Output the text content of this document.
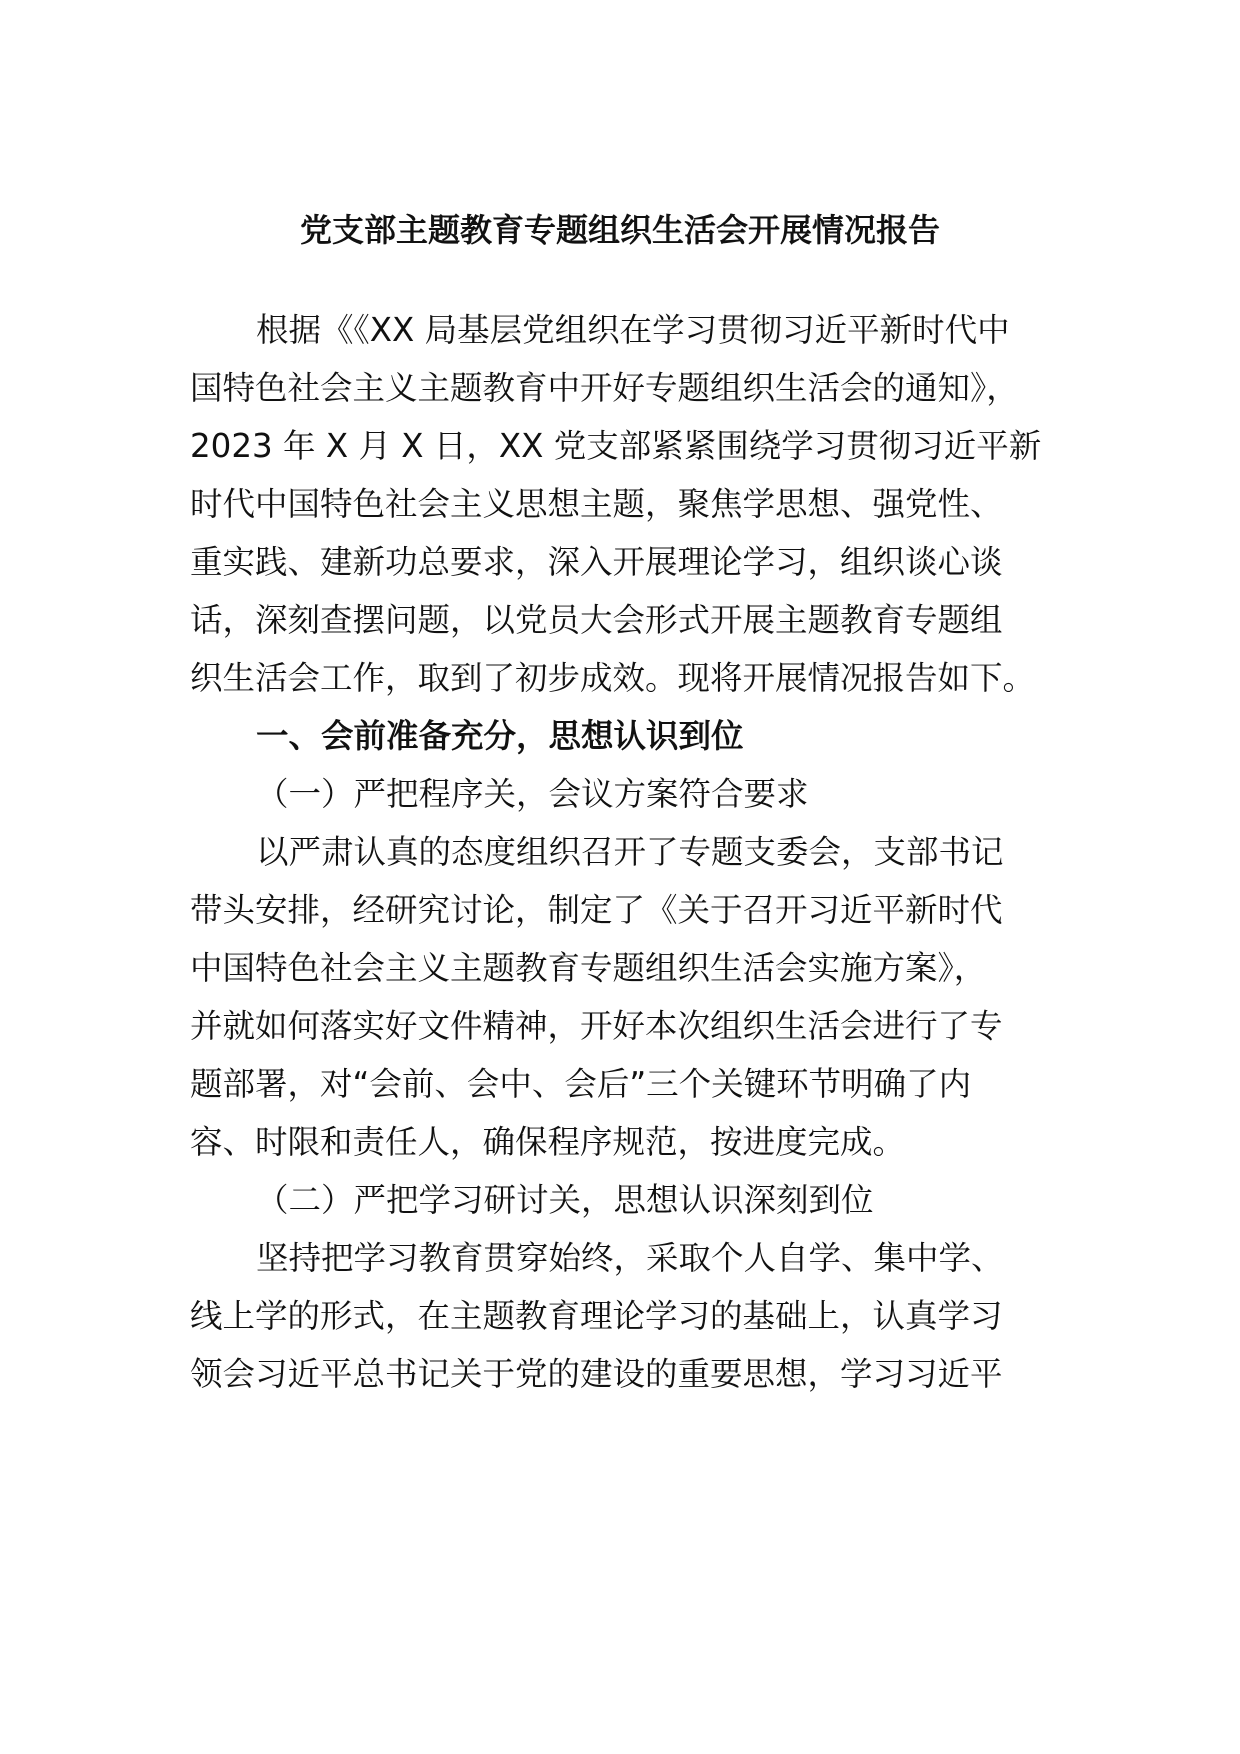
党支部主题教育专题组织生活会开展情况报告
根据《《XX 局基层党组织在学习贯彻习近平新时代中
国特色社会主义主题教育中开好专题组织生活会的通知》，
2023 年 X 月 X 日，XX 党支部紧紧围绕学习贯彻习近平新
时代中国特色社会主义思想主题，聚焦学思想、强党性、
重实践、建新功总要求，深入开展理论学习，组织谈心谈
话，深刻查摆问题，以党员大会形式开展主题教育专题组
织生活会工作，取到了初步成效。现将开展情况报告如下。
一、会前准备充分，思想认识到位
（一）严把程序关，会议方案符合要求
以严肃认真的态度组织召开了专题支委会，支部书记
带头安排，经研究讨论，制定了《关于召开习近平新时代
中国特色社会主义主题教育专题组织生活会实施方案》，
并就如何落实好文件精神，开好本次组织生活会进行了专
题部署，对“会前、会中、会后”三个关键环节明确了内
容、时限和责任人，确保程序规范，按进度完成。
（二）严把学习研讨关，思想认识深刻到位
坚持把学习教育贯穿始终，采取个人自学、集中学、
线上学的形式，在主题教育理论学习的基础上，认真学习
领会习近平总书记关于党的建设的重要思想，学习习近平
